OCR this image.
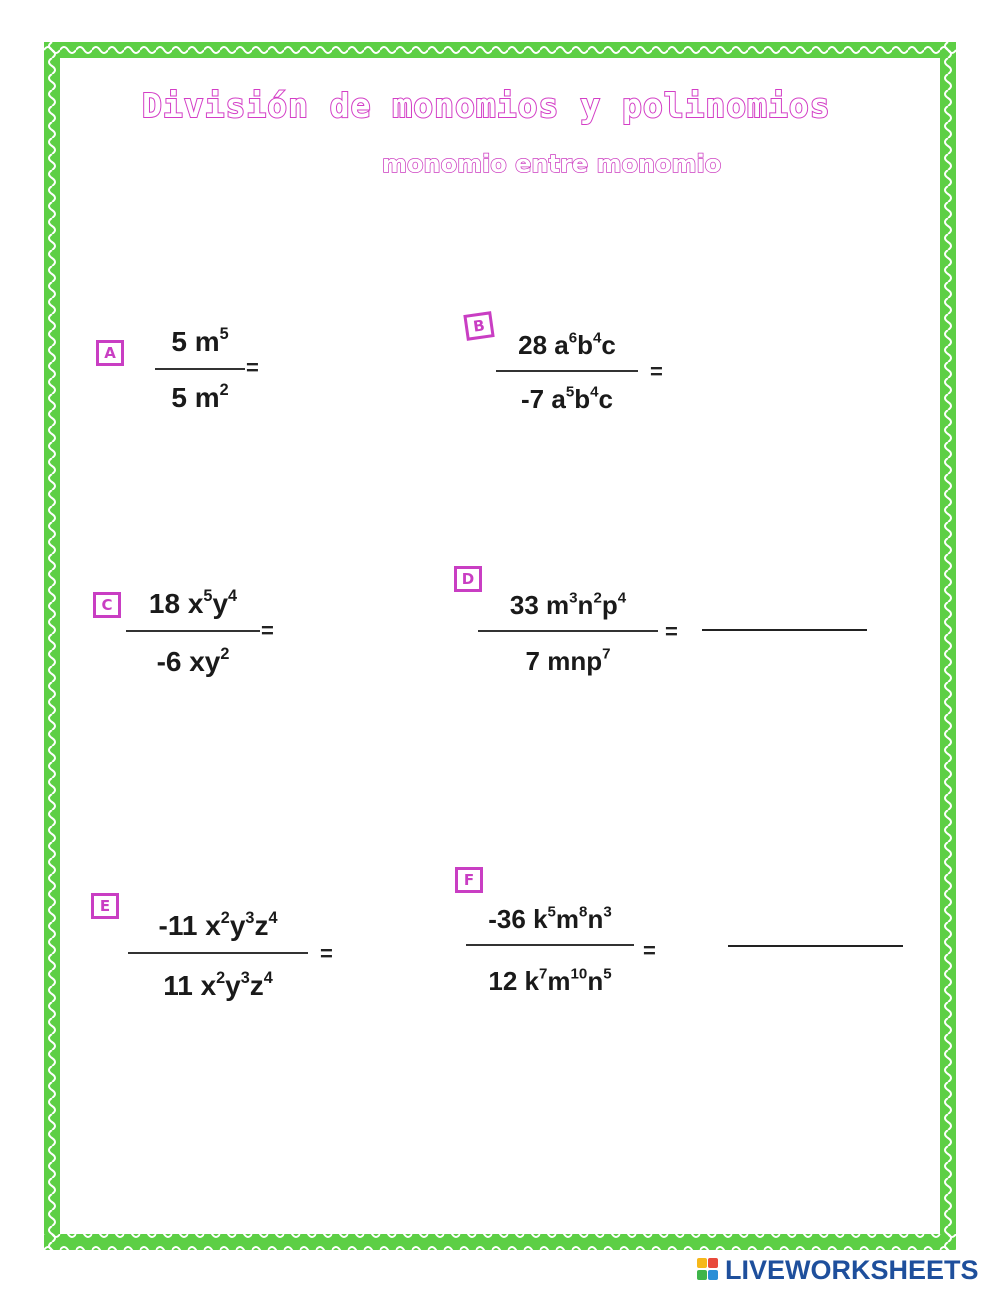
División de monomios y polinomios
monomio entre monomio
A	5 $m^5$
5 $m^2$
=
B
28 $a^6b^4c$
-7 $a^5b^4c$
=
C	18 $x^5y^4$
-6 $xy^2$
=
D
33 $m^3n^2p^4$
7 mnp$^7$
=
E
-11 $x^2y^3z^4$
11 $x^2y^3z^4$
=
F
-36 $k^5m^8n^3$
12 $k^7m^{10}n^5$
=
LIVEWORKSHEETS
